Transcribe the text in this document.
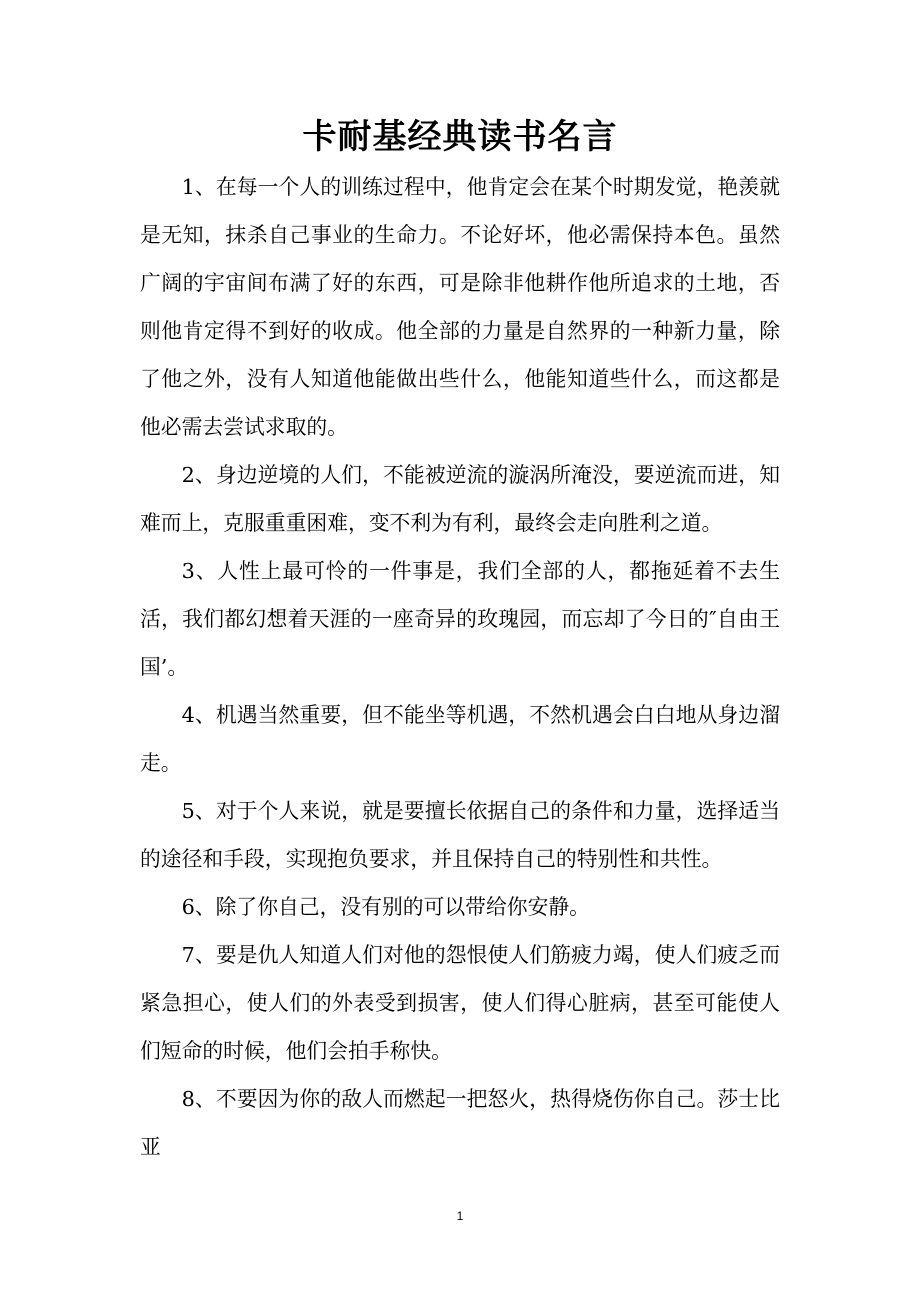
卡耐基经典读书名言

1、在每一个人的训练过程中，他肯定会在某个时期发觉，艳羡就是无知，抹杀自己事业的生命力。不论好坏，他必需保持本色。虽然广阔的宇宙间布满了好的东西，可是除非他耕作他所追求的土地，否则他肯定得不到好的收成。他全部的力量是自然界的一种新力量，除了他之外，没有人知道他能做出些什么，他能知道些什么，而这都是他必需去尝试求取的。

2、身边逆境的人们，不能被逆流的漩涡所淹没，要逆流而进，知难而上，克服重重困难，变不利为有利，最终会走向胜利之道。

3、人性上最可怜的一件事是，我们全部的人，都拖延着不去生活，我们都幻想着天涯的一座奇异的玫瑰园，而忘却了今日的″自由王国’。

4、机遇当然重要，但不能坐等机遇，不然机遇会白白地从身边溜走。

5、对于个人来说，就是要擅长依据自己的条件和力量，选择适当的途径和手段，实现抱负要求，并且保持自己的特别性和共性。

6、除了你自己，没有别的可以带给你安静。

7、要是仇人知道人们对他的怨恨使人们筋疲力竭，使人们疲乏而紧急担心，使人们的外表受到损害，使人们得心脏病，甚至可能使人们短命的时候，他们会拍手称快。

8、不要因为你的敌人而燃起一把怒火，热得烧伤你自己。莎士比亚

1
